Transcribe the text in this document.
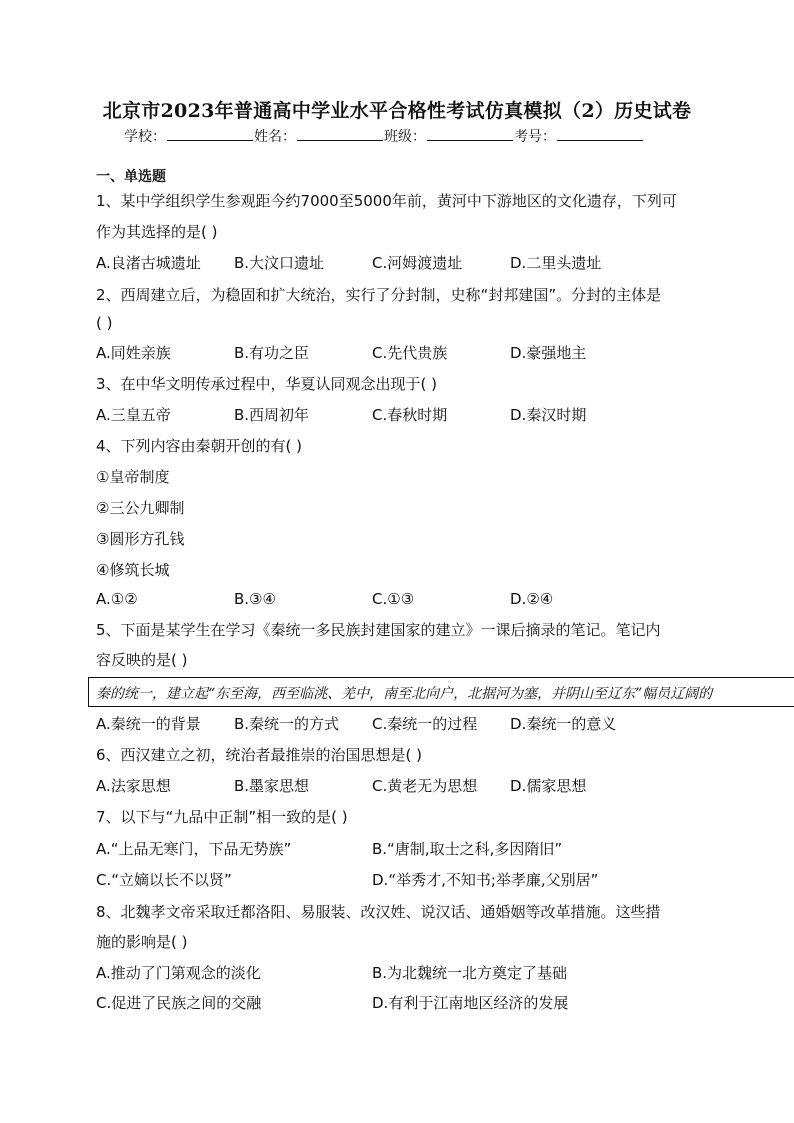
北京市2023年普通高中学业水平合格性考试仿真模拟（2）历史试卷
学校：	姓名：	班级：	考号：
一、单选题
1、某中学组织学生参观距今约7000至5000年前，黄河中下游地区的文化遗存，下列可
作为其选择的是( )
A.良渚古城遗址 B.大汶口遗址	C.河姆渡遗址	D.二里头遗址
2、西周建立后，为稳固和扩大统治，实行了分封制，史称“封邦建国”。分封的主体是
( )
A.同姓亲族	B.有功之臣	C.先代贵族	D.豪强地主
3、在中华文明传承过程中，华夏认同观念出现于( )
A.三皇五帝	B.西周初年	C.春秋时期	D.秦汉时期
4、下列内容由秦朝开创的有( )
①皇帝制度
②三公九卿制
③圆形方孔钱
④修筑长城
A.①②	B.③④	C.①③	D.②④
5、下面是某学生在学习《秦统一多民族封建国家的建立》一课后摘录的笔记。笔记内
容反映的是( )
秦的统一，建立起“东至海，西至临洮、羌中，南至北向户，北据河为塞，并阴山至辽东”幅员辽阔的
A.秦统一的背景 B.秦统一的方式 C.秦统一的过程 D.秦统一的意义
6、西汉建立之初，统治者最推崇的治国思想是( )
A.法家思想	B.墨家思想	C.黄老无为思想 D.儒家思想
7、以下与“九品中正制”相一致的是( )
A.“上品无寒门，下品无势族”	B.“唐制,取士之科,多因隋旧”
C.“立嫡以长不以贤”	D.“举秀才,不知书;举孝廉,父别居”
8、北魏孝文帝采取迁都洛阳、易服装、改汉姓、说汉话、通婚姻等改革措施。这些措
施的影响是( )
A.推动了门第观念的淡化	B.为北魏统一北方奠定了基础
C.促进了民族之间的交融	D.有利于江南地区经济的发展
